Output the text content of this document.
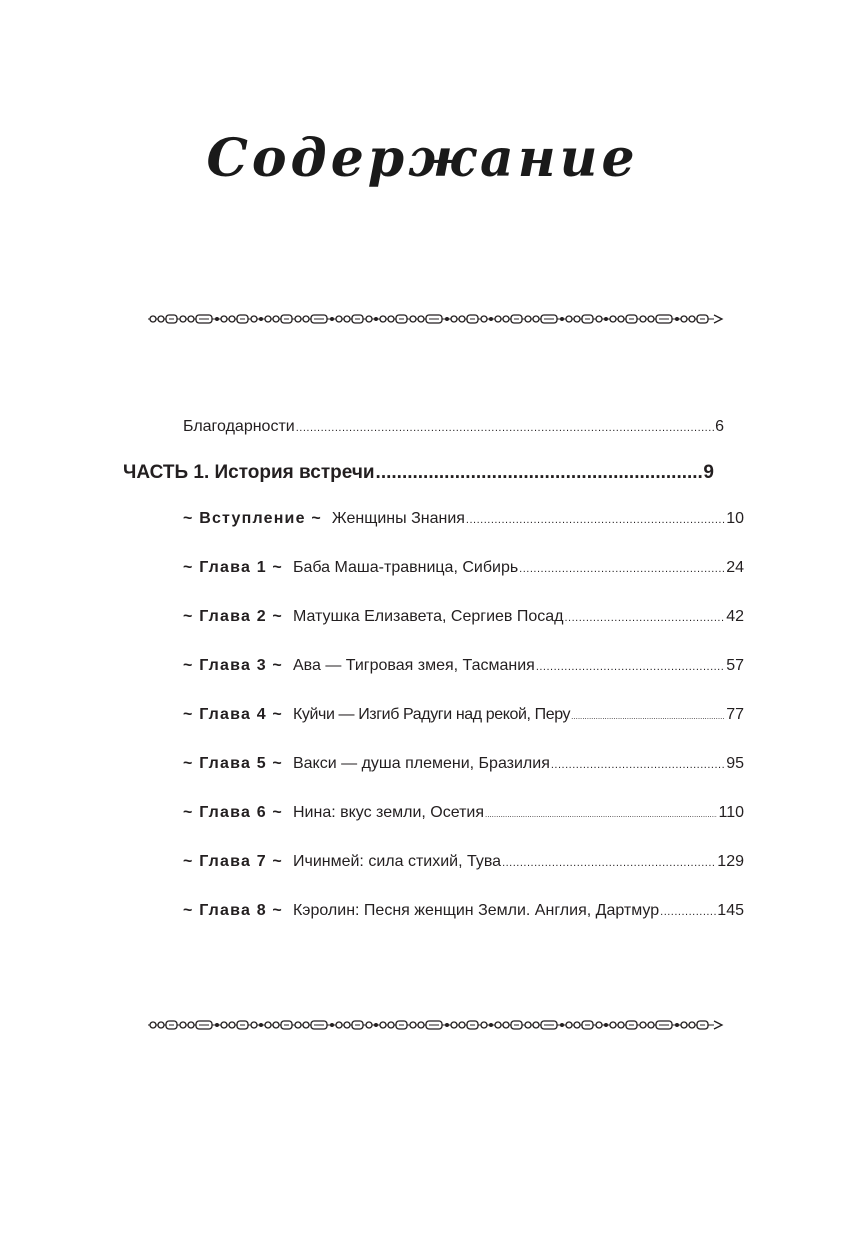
Содержание
Благодарности .....	6
ЧАСТЬ 1. История встречи .....	9
~ Вступление ~ Женщины Знания .....	10
~ Глава 1 ~ Баба Маша-травница, Сибирь .....	24
~ Глава 2 ~ Матушка Елизавета, Сергиев Посад .....	42
~ Глава 3 ~ Ава — Тигровая змея, Тасмания .....	57
~ Глава 4 ~ Куйчи — Изгиб Радуги над рекой, Перу .....	77
~ Глава 5 ~ Вакси — душа племени, Бразилия .....	95
~ Глава 6 ~ Нина: вкус земли, Осетия .....	110
~ Глава 7 ~ Ичинмей: сила стихий, Тува .....	129
~ Глава 8 ~ Кэролин: Песня женщин Земли. Англия, Дартмур .....	145
